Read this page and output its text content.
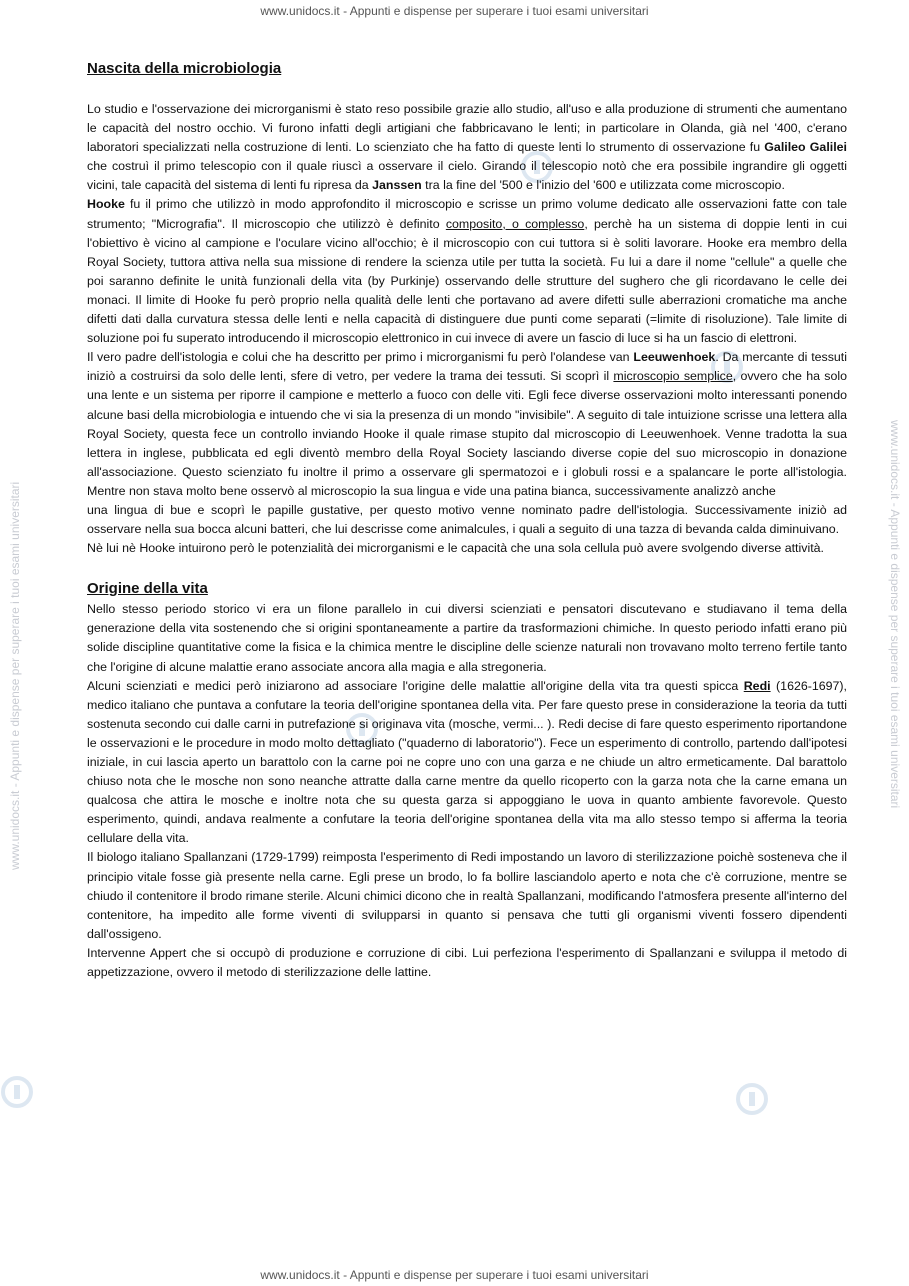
www.unidocs.it - Appunti e dispense per superare i tuoi esami universitari
www.unidocs.it - Appunti e dispense per superare i tuoi esami universitari	www.unidocs.it - Appunti e dispense per superare i tuoi esami universitari
Nascita della microbiologia

Lo studio e l'osservazione dei microrganismi è stato reso possibile grazie allo studio, all'uso e alla produzione di strumenti che aumentano le capacità del nostro occhio. Vi furono infatti degli artigiani che fabbricavano le lenti; in particolare in Olanda, già nel '400, c'erano laboratori specializzati nella costruzione di lenti. Lo scienziato che ha fatto di queste lenti lo strumento di osservazione fu Galileo Galilei che costruì il primo telescopio con il quale riuscì a osservare il cielo. Girando il telescopio notò che era possibile ingrandire gli oggetti vicini, tale capacità del sistema di lenti fu ripresa da Janssen tra la fine del '500 e l'inizio del '600 e utilizzata come microscopio.

Hooke fu il primo che utilizzò in modo approfondito il microscopio e scrisse un primo volume dedicato alle osservazioni fatte con tale strumento; "Micrografia". Il microscopio che utilizzò è definito composito, o complesso, perchè ha un sistema di doppie lenti in cui l'obiettivo è vicino al campione e l'oculare vicino all'occhio; è il microscopio con cui tuttora si è soliti lavorare. Hooke era membro della Royal Society, tuttora attiva nella sua missione di rendere la scienza utile per tutta la società. Fu lui a dare il nome "cellule" a quelle che poi saranno definite le unità funzionali della vita (by Purkinje) osservando delle strutture del sughero che gli ricordavano le celle dei monaci. Il limite di Hooke fu però proprio nella qualità delle lenti che portavano ad avere difetti sulle aberrazioni cromatiche ma anche difetti dati dalla curvatura stessa delle lenti e nella capacità di distinguere due punti come separati (=limite di risoluzione). Tale limite di soluzione poi fu superato introducendo il microscopio elettronico in cui invece di avere un fascio di luce si ha un fascio di elettroni.

Il vero padre dell'istologia e colui che ha descritto per primo i microrganismi fu però l'olandese van Leeuwenhoek. Da mercante di tessuti iniziò a costruirsi da solo delle lenti, sfere di vetro, per vedere la trama dei tessuti. Si scoprì il microscopio semplice, ovvero che ha solo una lente e un sistema per riporre il campione e metterlo a fuoco con delle viti. Egli fece diverse osservazioni molto interessanti ponendo alcune basi della microbiologia e intuendo che vi sia la presenza di un mondo "invisibile". A seguito di tale intuizione scrisse una lettera alla Royal Society, questa fece un controllo inviando Hooke il quale rimase stupito dal microscopio di Leeuwenhoek. Venne tradotta la sua lettera in inglese, pubblicata ed egli diventò membro della Royal Society lasciando diverse copie del suo microscopio in donazione all'associazione. Questo scienziato fu inoltre il primo a osservare gli spermatozoi e i globuli rossi e a spalancare le porte all'istologia. Mentre non stava molto bene osservò al microscopio la sua lingua e vide una patina bianca, successivamente analizzò anche

una lingua di bue e scoprì le papille gustative, per questo motivo venne nominato padre dell'istologia. Successivamente iniziò ad osservare nella sua bocca alcuni batteri, che lui descrisse come animalcules, i quali a seguito di una tazza di bevanda calda diminuivano.

Nè lui nè Hooke intuirono però le potenzialità dei microrganismi e le capacità che una sola cellula può avere svolgendo diverse attività.

Origine della vita

Nello stesso periodo storico vi era un filone parallelo in cui diversi scienziati e pensatori discutevano e studiavano il tema della generazione della vita sostenendo che si origini spontaneamente a partire da trasformazioni chimiche. In questo periodo infatti erano più solide discipline quantitative come la fisica e la chimica mentre le discipline delle scienze naturali non trovavano molto terreno fertile tanto che l'origine di alcune malattie erano associate ancora alla magia e alla stregoneria.

Alcuni scienziati e medici però iniziarono ad associare l'origine delle malattie all'origine della vita tra questi spicca Redi (1626-1697), medico italiano che puntava a confutare la teoria dell'origine spontanea della vita. Per fare questo prese in considerazione la teoria da tutti sostenuta secondo cui dalle carni in putrefazione si originava vita (mosche, vermi... ). Redi decise di fare questo esperimento riportandone le osservazioni e le procedure in modo molto dettagliato ("quaderno di laboratorio"). Fece un esperimento di controllo, partendo dall'ipotesi iniziale, in cui lascia aperto un barattolo con la carne poi ne copre uno con una garza e ne chiude un altro ermeticamente. Dal barattolo chiuso nota che le mosche non sono neanche attratte dalla carne mentre da quello ricoperto con la garza nota che la carne emana un qualcosa che attira le mosche e inoltre nota che su questa garza si appoggiano le uova in quanto ambiente favorevole. Questo esperimento, quindi, andava realmente a confutare la teoria dell'origine spontanea della vita ma allo stesso tempo si afferma la teoria cellulare della vita.

Il biologo italiano Spallanzani (1729-1799) reimposta l'esperimento di Redi impostando un lavoro di sterilizzazione poichè sosteneva che il principio vitale fosse già presente nella carne. Egli prese un brodo, lo fa bollire lasciandolo aperto e nota che c'è corruzione, mentre se chiudo il contenitore il brodo rimane sterile. Alcuni chimici dicono che in realtà Spallanzani, modificando l'atmosfera presente all'interno del contenitore, ha impedito alle forme viventi di svilupparsi in quanto si pensava che tutti gli organismi viventi fossero dipendenti dall'ossigeno.

Intervenne Appert che si occupò di produzione e corruzione di cibi. Lui perfeziona l'esperimento di Spallanzani e sviluppa il metodo di appetizzazione, ovvero il metodo di sterilizzazione delle lattine.

www.unidocs.it - Appunti e dispense per superare i tuoi esami universitari
